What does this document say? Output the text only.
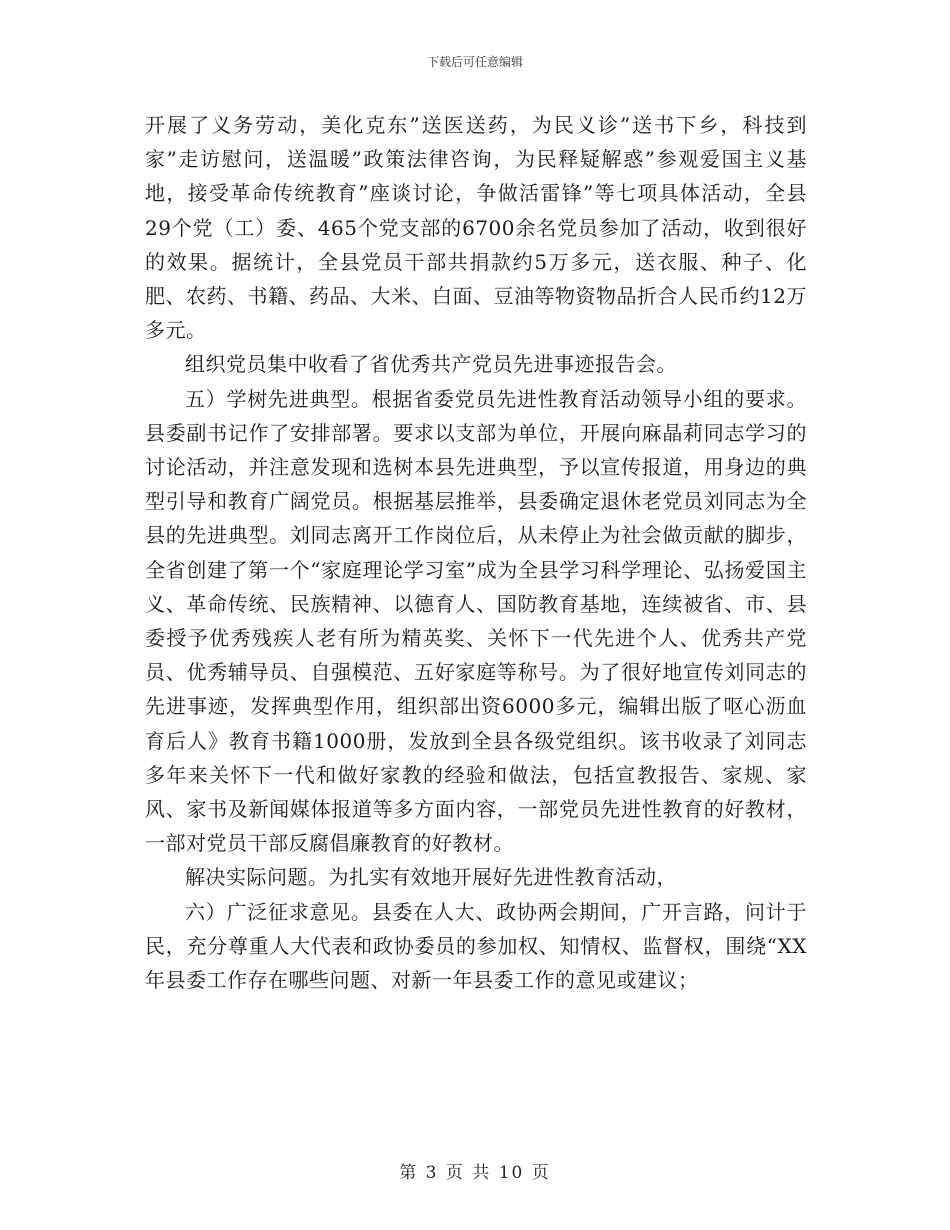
下载后可任意编辑

开展了义务劳动，美化克东”送医送药，为民义诊”送书下乡，科技到家”走访慰问，送温暖”政策法律咨询，为民释疑解惑”参观爱国主义基地，接受革命传统教育”座谈讨论，争做活雷锋”等七项具体活动，全县29个党（工）委、465个党支部的6700余名党员参加了活动，收到很好的效果。据统计，全县党员干部共捐款约5万多元，送衣服、种子、化肥、农药、书籍、药品、大米、白面、豆油等物资物品折合人民币约12万多元。

组织党员集中收看了省优秀共产党员先进事迹报告会。

五）学树先进典型。根据省委党员先进性教育活动领导小组的要求。县委副书记作了安排部署。要求以支部为单位，开展向麻晶莉同志学习的讨论活动，并注意发现和选树本县先进典型，予以宣传报道，用身边的典型引导和教育广阔党员。根据基层推举，县委确定退休老党员刘同志为全县的先进典型。刘同志离开工作岗位后，从未停止为社会做贡献的脚步，全省创建了第一个“家庭理论学习室”成为全县学习科学理论、弘扬爱国主义、革命传统、民族精神、以德育人、国防教育基地，连续被省、市、县委授予优秀残疾人老有所为精英奖、关怀下一代先进个人、优秀共产党员、优秀辅导员、自强模范、五好家庭等称号。为了很好地宣传刘同志的先进事迹，发挥典型作用，组织部出资6000多元，编辑出版了呕心沥血育后人》教育书籍1000册，发放到全县各级党组织。该书收录了刘同志多年来关怀下一代和做好家教的经验和做法，包括宣教报告、家规、家风、家书及新闻媒体报道等多方面内容，一部党员先进性教育的好教材，一部对党员干部反腐倡廉教育的好教材。

解决实际问题。为扎实有效地开展好先进性教育活动，

六）广泛征求意见。县委在人大、政协两会期间，广开言路，问计于民，充分尊重人大代表和政协委员的参加权、知情权、监督权，围绕“XX年县委工作存在哪些问题、对新一年县委工作的意见或建议；

第 3 页 共 10 页
